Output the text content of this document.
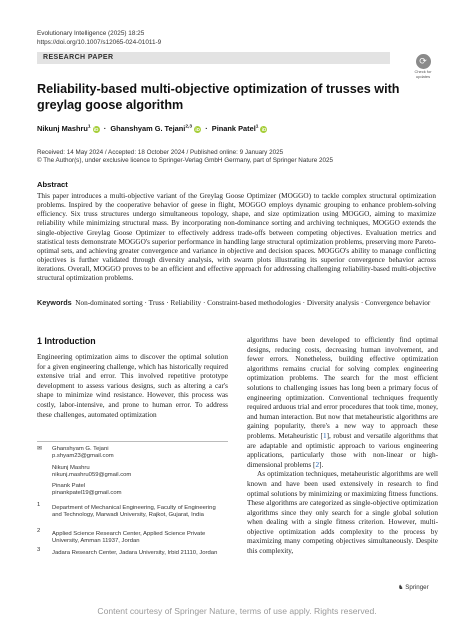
Evolutionary Intelligence (2025) 18:25
https://doi.org/10.1007/s12065-024-01011-9
RESEARCH PAPER	⟳
Check for updates
Reliability-based multi-objective optimization of trusses with greylag goose algorithm
Nikunj Mashru$^1$ iD  ·  Ghanshyam G. Tejani$^{2,3}$ iD  ·  Pinank Patel$^1$ iD
Received: 14 May 2024 / Accepted: 18 October 2024 / Published online: 9 January 2025
© The Author(s), under exclusive licence to Springer-Verlag GmbH Germany, part of Springer Nature 2025
Abstract
This paper introduces a multi-objective variant of the Greylag Goose Optimizer (MOGGO) to tackle complex structural optimization problems. Inspired by the cooperative behavior of geese in flight, MOGGO employs dynamic grouping to enhance problem-solving efficiency. Six truss structures undergo simultaneous topology, shape, and size optimization using MOGGO, aiming to maximize reliability while minimizing structural mass. By incorporating non-dominance sorting and archiving techniques, MOGGO extends the single-objective Greylag Goose Optimizer to effectively address trade-offs between competing objectives. Evaluation metrics and statistical tests demonstrate MOGGO's superior performance in handling large structural optimization problems, preserving more Pareto-optimal sets, and achieving greater convergence and variance in objective and decision spaces. MOGGO's ability to manage conflicting objectives is further validated through diversity analysis, with swarm plots illustrating its superior convergence behavior across iterations. Overall, MOGGO proves to be an efficient and effective approach for addressing challenging reliability-based multi-objective structural optimization problems.
Keywords Non-dominated sorting · Truss · Reliability · Constraint-based methodologies · Diversity analysis · Convergence behavior
1 Introduction
Engineering optimization aims to discover the optimal solution for a given engineering challenge, which has historically required extensive trial and error. This involved repetitive prototype development to assess various designs, such as altering a car's shape to minimize wind resistance. However, this process was costly, labor-intensive, and prone to human error. To address these challenges, automated optimization
algorithms have been developed to efficiently find optimal designs, reducing costs, decreasing human involvement, and fewer errors. Nonetheless, building effective optimization algorithms remains crucial for solving complex engineering optimization problems. The search for the most efficient solutions to challenging issues has long been a primary focus of engineering optimization. Conventional techniques frequently required arduous trial and error procedures that took time, money, and human interaction. But now that metaheuristic algorithms are gaining popularity, there's a new way to approach these problems. Metaheuristic [1], robust and versatile algorithms that are adaptable and optimistic approach to various engineering applications, particularly those with non-linear or high-dimensional problems [2].
As optimization techniques, metaheuristic algorithms are well known and have been used extensively in research to find optimal solutions by minimizing or maximizing fitness functions. These algorithms are categorized as single-objective optimization algorithms since they only search for a single global solution when dealing with a single fitness criterion. However, multi-objective optimization adds complexity to the process by maximizing many competing objectives simultaneously. Despite this complexity,
✉	Ghanshyam G. Tejani
p.shyam23@gmail.com
Nikunj Mashru
nikunj.mashru059@gmail.com
Pinank Patel
pinankpatel19@gmail.com
1	Department of Mechanical Engineering, Faculty of Engineering and Technology, Marwadi University, Rajkot, Gujarat, India
2	Applied Science Research Center, Applied Science Private University, Amman 11937, Jordan
3	Jadara Research Center, Jadara University, Irbid 21110, Jordan
♞ Springer
Content courtesy of Springer Nature, terms of use apply. Rights reserved.
